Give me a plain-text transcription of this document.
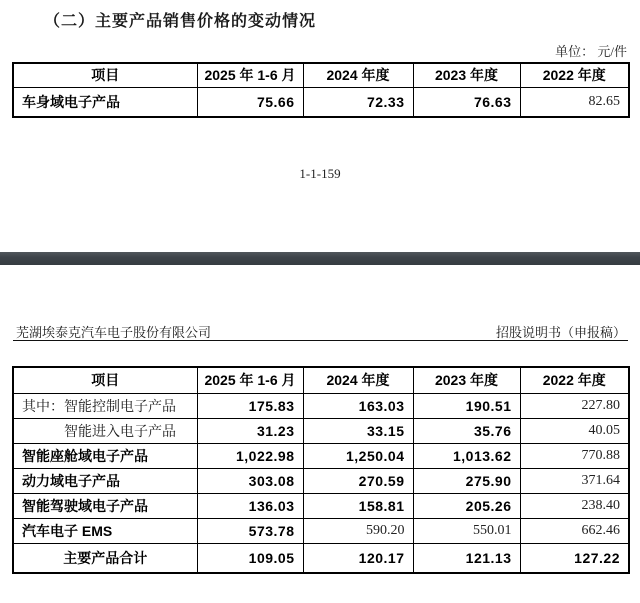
（二）主要产品销售价格的变动情况
单位： 元/件
项目	2025 年 1-6 月	2024 年度	2023 年度	2022 年度
车身域电子产品	75.66	72.33	76.63	82.65
1-1-159
芜湖埃泰克汽车电子股份有限公司	招股说明书（申报稿）
项目	2025 年 1-6 月	2024 年度	2023 年度	2022 年度
其中：智能控制电子产品	175.83	163.03	190.51	227.80
智能进入电子产品	31.23	33.15	35.76	40.05
智能座舱域电子产品	1,022.98	1,250.04	1,013.62	770.88
动力域电子产品	303.08	270.59	275.90	371.64
智能驾驶域电子产品	136.03	158.81	205.26	238.40
汽车电子 EMS	573.78	590.20	550.01	662.46
主要产品合计	109.05	120.17	121.13	127.22
